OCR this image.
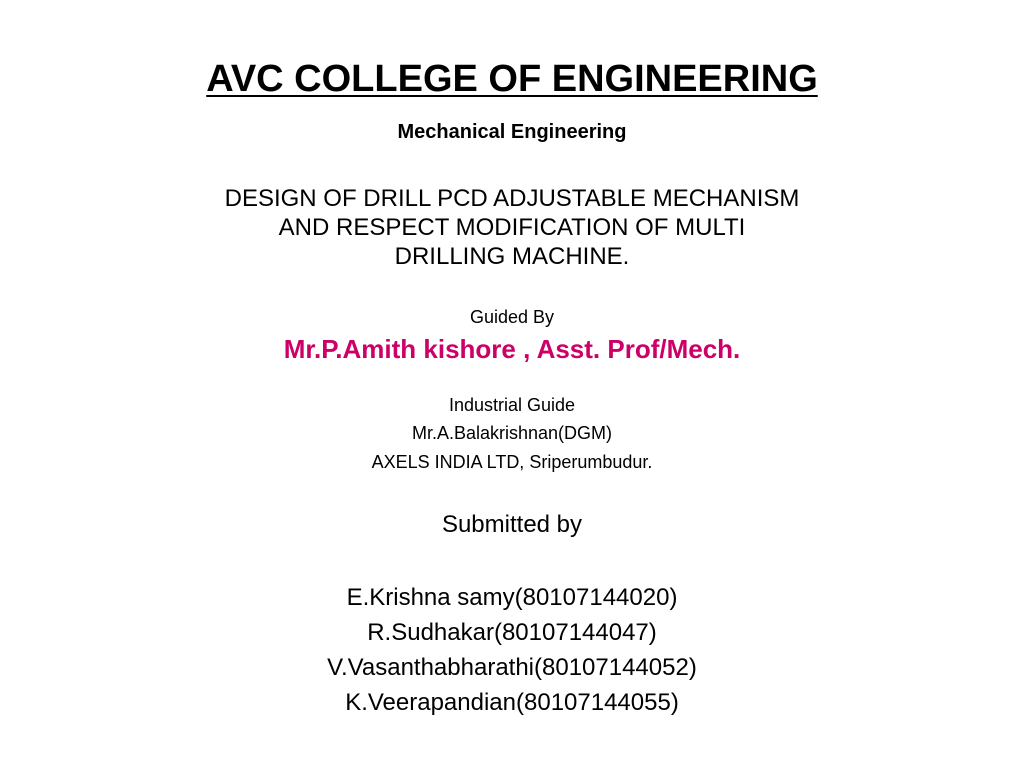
AVC COLLEGE OF ENGINEERING
Mechanical Engineering
DESIGN OF DRILL PCD ADJUSTABLE MECHANISM
AND RESPECT MODIFICATION OF MULTI
DRILLING MACHINE.
Guided By
Mr.P.Amith kishore , Asst. Prof/Mech.
Industrial Guide
Mr.A.Balakrishnan(DGM)
AXELS INDIA LTD, Sriperumbudur.
Submitted by
E.Krishna samy(80107144020)
R.Sudhakar(80107144047)
V.Vasanthabharathi(80107144052)
K.Veerapandian(80107144055)
